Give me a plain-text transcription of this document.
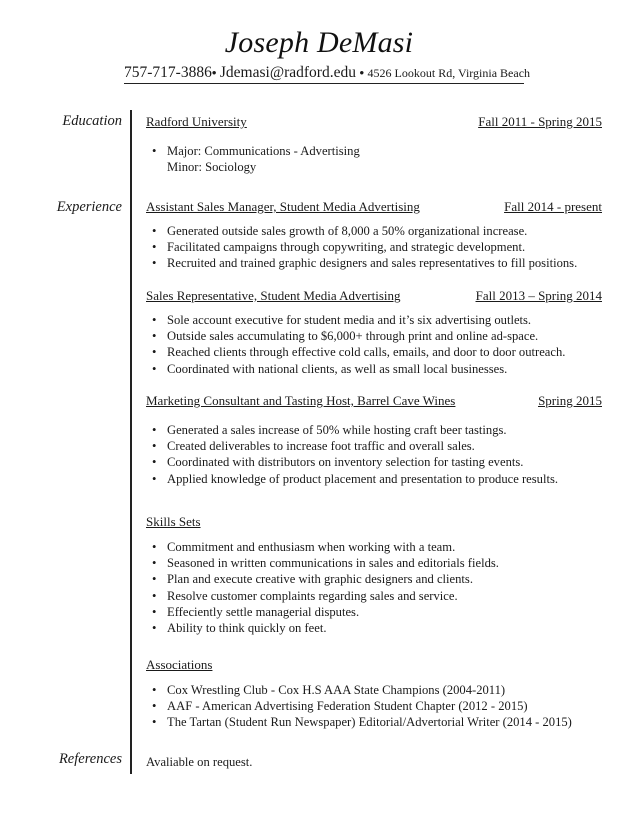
Joseph DeMasi
757-717-3886• Jdemasi@radford.edu • 4526 Lookout Rd, Virginia Beach
Education Radford University	Fall 2011 - Spring 2015
• Major: Communications - Advertising
Minor: Sociology
Experience Assistant Sales Manager, Student Media Advertising	Fall 2014 - present
• Generated outside sales growth of 8,000 a 50% organizational increase.
• Facilitated campaigns through copywriting, and strategic development.
• Recruited and trained graphic designers and sales representatives to fill positions.
Sales Representative, Student Media Advertising	Fall 2013 – Spring 2014
• Sole account executive for student media and it’s six advertising outlets.
• Outside sales accumulating to $6,000+ through print and online ad-space.
• Reached clients through effective cold calls, emails, and door to door outreach.
• Coordinated with national clients, as well as small local businesses.
Marketing Consultant and Tasting Host, Barrel Cave Wines	Spring 2015
• Generated a sales increase of 50% while hosting craft beer tastings.
• Created deliverables to increase foot traffic and overall sales.
• Coordinated with distributors on inventory selection for tasting events.
• Applied knowledge of product placement and presentation to produce results.
Skills Sets
• Commitment and enthusiasm when working with a team.
• Seasoned in written communications in sales and editorials fields.
• Plan and execute creative with graphic designers and clients.
• Resolve customer complaints regarding sales and service.
• Effeciently settle managerial disputes.
• Ability to think quickly on feet.
Associations
• Cox Wrestling Club - Cox H.S AAA State Champions (2004-2011)
• AAF - American Advertising Federation Student Chapter (2012 - 2015)
• The Tartan (Student Run Newspaper) Editorial/Advertorial Writer (2014 - 2015)
References Avaliable on request.
